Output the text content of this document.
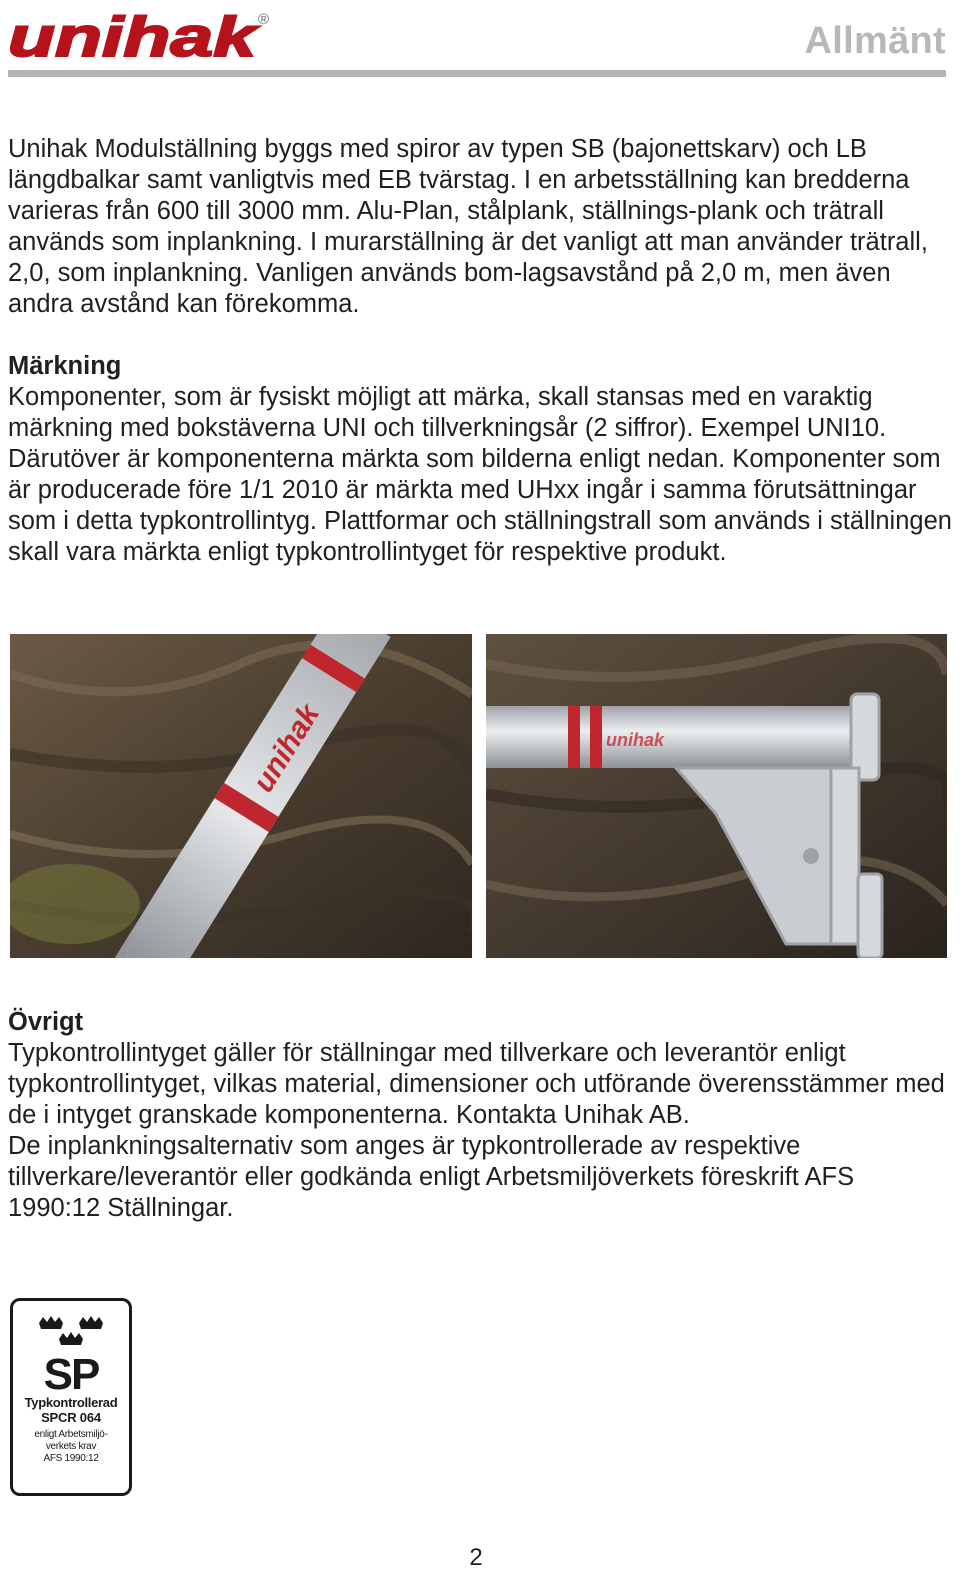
unihak
®
Allmänt
Unihak Modulställning byggs med spiror av typen SB (bajonettskarv) och LB längdbalkar samt vanligtvis med EB tvärstag. I en arbetsställning kan bredderna varieras från 600 till 3000 mm. Alu-Plan, stålplank, ställnings-plank och trätrall används som inplankning. I murarställning är det vanligt att man använder trätrall, 2,0, som inplankning. Vanligen används bom-lagsavstånd på 2,0 m, men även andra avstånd kan förekomma.
Märkning
Komponenter, som är fysiskt möjligt att märka, skall stansas med en varaktig märkning med bokstäverna UNI och tillverkningsår (2 siffror). Exempel UNI10. Därutöver är komponenterna märkta som bilderna enligt nedan. Komponenter som är producerade före 1/1 2010 är märkta med UHxx ingår i samma förutsättningar som i detta typkontrollintyg. Plattformar och ställningstrall som används i ställningen skall vara märkta enligt typkontrollintyget för respektive produkt.
unihak	unihak
Övrigt
Typkontrollintyget gäller för ställningar med tillverkare och leverantör enligt typkontrollintyget, vilkas material, dimensioner och utförande överensstämmer med de i intyget granskade komponenterna. Kontakta Unihak AB.
De inplankningsalternativ som anges är typkontrollerade av respektive tillverkare/leverantör eller godkända enligt Arbetsmiljöverkets föreskrift AFS 1990:12 Ställningar.
SP
Typkontrollerad
SPCR 064
enligt Arbetsmiljö-
verkets krav
AFS 1990:12
2
